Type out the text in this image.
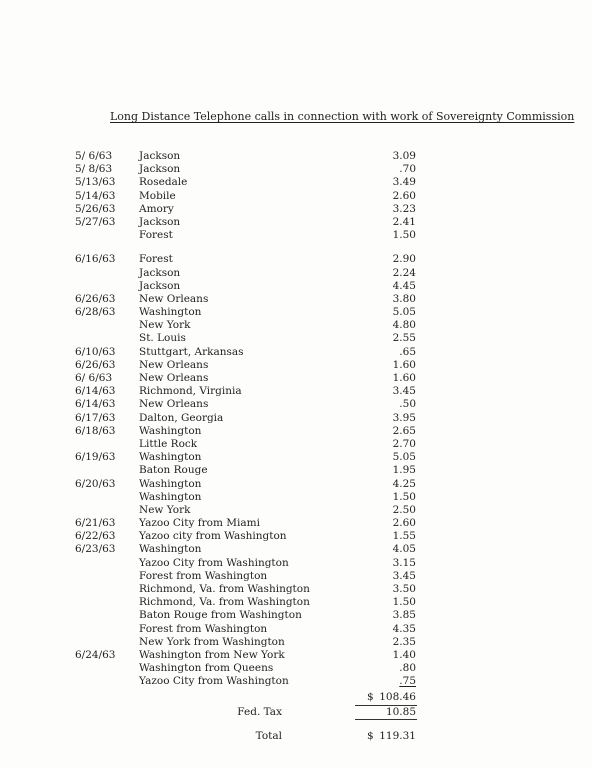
Long Distance Telephone calls in connection with work of Sovereignty Commission
5/ 6/63	Jackson	3.09
5/ 8/63	Jackson	.70
5/13/63	Rosedale	3.49
5/14/63	Mobile	2.60
5/26/63	Amory	3.23
5/27/63	Jackson	2.41
Forest	1.50
6/16/63	Forest	2.90
Jackson	2.24
Jackson	4.45
6/26/63	New Orleans	3.80
6/28/63	Washington	5.05
New York	4.80
St. Louis	2.55
6/10/63	Stuttgart, Arkansas	.65
6/26/63	New Orleans	1.60
6/ 6/63	New Orleans	1.60
6/14/63	Richmond, Virginia	3.45
6/14/63	New Orleans	.50
6/17/63	Dalton, Georgia	3.95
6/18/63	Washington	2.65
Little Rock	2.70
6/19/63	Washington	5.05
Baton Rouge	1.95
6/20/63	Washington	4.25
Washington	1.50
New York	2.50
6/21/63	Yazoo City from Miami	2.60
6/22/63	Yazoo city from Washington	1.55
6/23/63	Washington	4.05
Yazoo City from Washington	3.15
Forest from Washington	3.45
Richmond, Va. from Washington	3.50
Richmond, Va. from Washington	1.50
Baton Rouge from Washington	3.85
Forest from Washington	4.35
New York from Washington	2.35
6/24/63	Washington from New York	1.40
Washington from Queens	.80
Yazoo City from Washington	.75
$ 108.46
Fed. Tax	10.85
Total	$ 119.31
